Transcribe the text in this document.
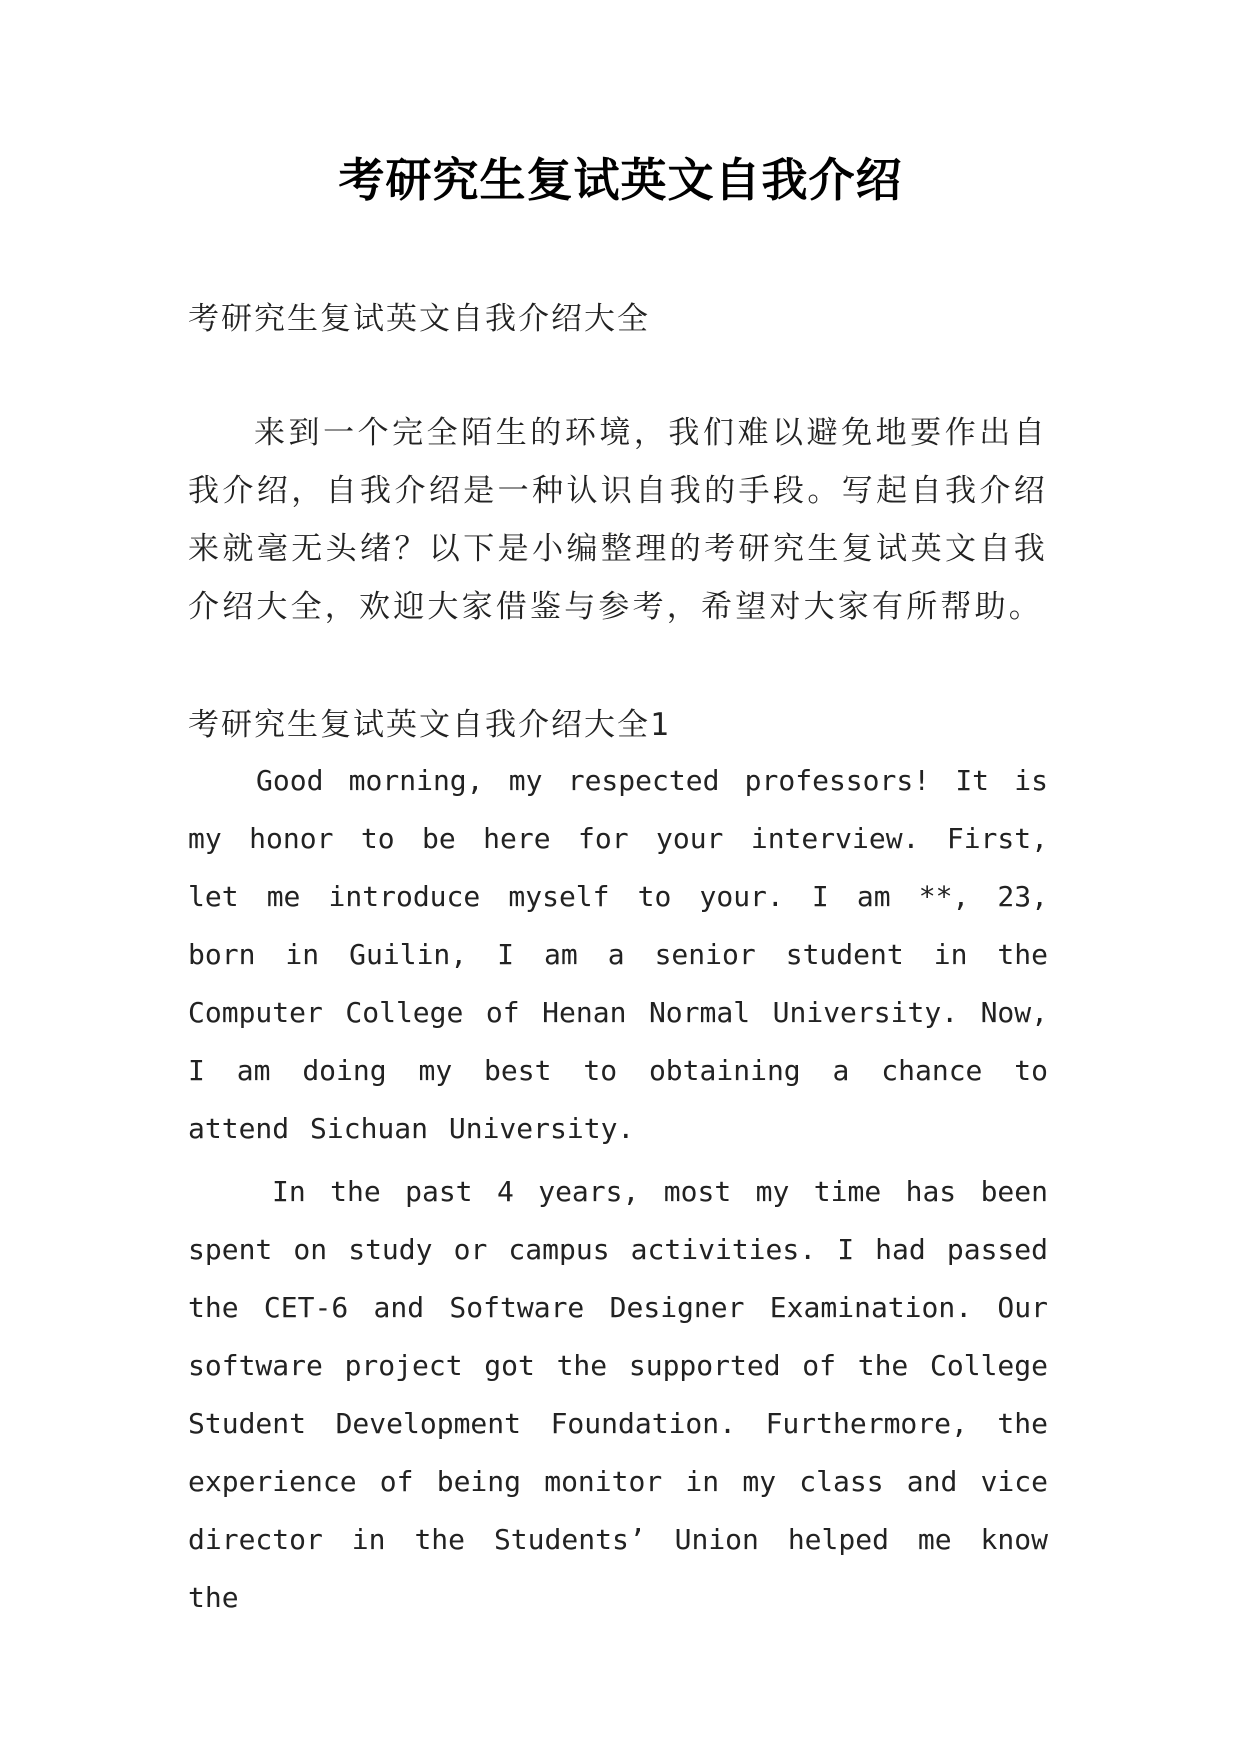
考研究生复试英文自我介绍
考研究生复试英文自我介绍大全
来到一个完全陌生的环境，我们难以避免地要作出自我介绍，自我介绍是一种认识自我的手段。写起自我介绍来就毫无头绪？以下是小编整理的考研究生复试英文自我介绍大全，欢迎大家借鉴与参考，希望对大家有所帮助。
考研究生复试英文自我介绍大全1
Good morning, my respected professors! It is my honor to be here for your interview. First, let me introduce myself to your. I am **, 23, born in Guilin, I am a senior student in the Computer College of Henan Normal University. Now, I am doing my best to obtaining a chance to attend Sichuan University.
In the past 4 years, most my time has been spent on study or campus activities. I had passed the CET-6 and Software Designer Examination. Our software project got the supported of the College Student Development Foundation. Furthermore, the experience of being monitor in my class and vice director in the Students’ Union helped me know the
